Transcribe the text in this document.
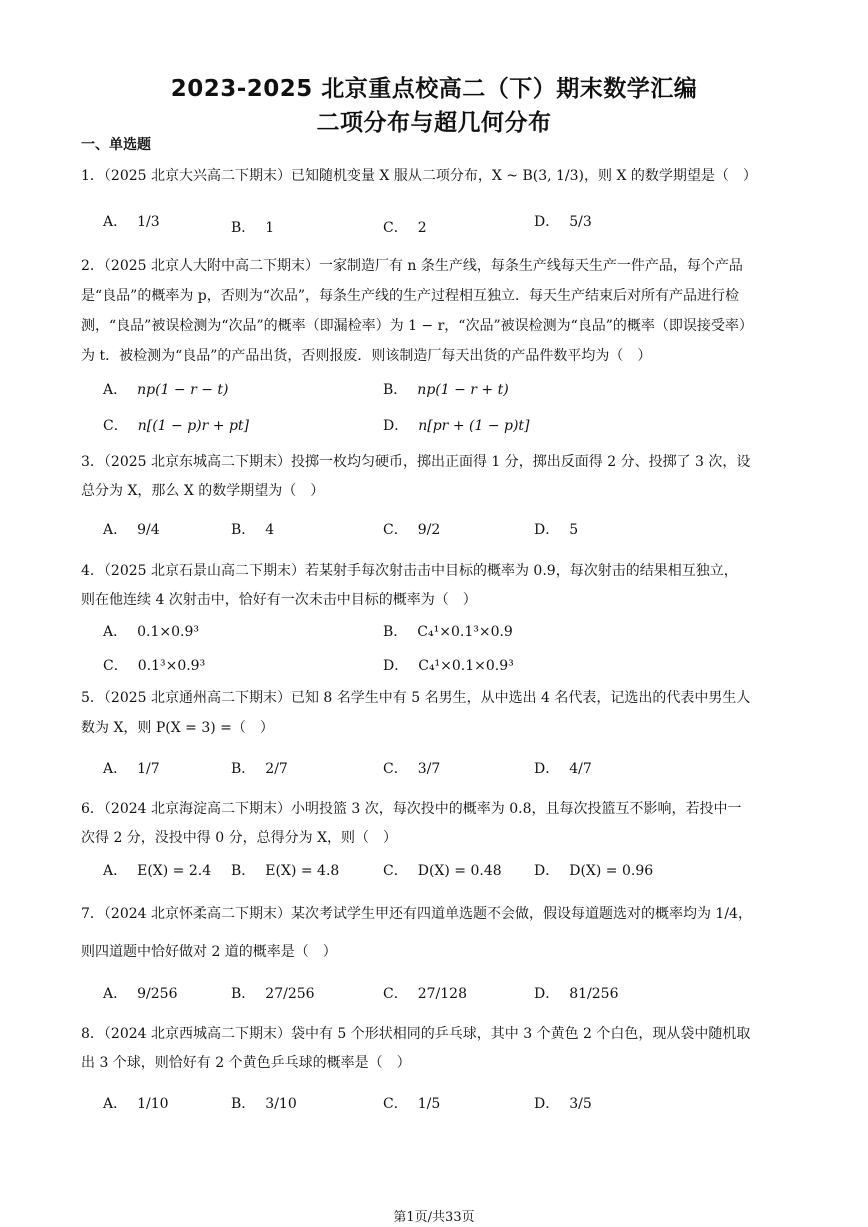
2023-2025 北京重点校高二（下）期末数学汇编
二项分布与超几何分布
一、单选题
1．（2025 北京大兴高二下期末）已知随机变量 X 服从二项分布，X ~ B(3, 1/3)，则 X 的数学期望是（　）
A． 1/3	B． 1	C． 2	D． 5/3
2．（2025 北京人大附中高二下期末）一家制造厂有 n 条生产线，每条生产线每天生产一件产品，每个产品
是“良品”的概率为 p，否则为“次品”，每条生产线的生产过程相互独立．每天生产结束后对所有产品进行检
测，“良品”被误检测为“次品”的概率（即漏检率）为 1 − r，“次品”被误检测为“良品”的概率（即误接受率）
为 t．被检测为“良品”的产品出货，否则报废．则该制造厂每天出货的产品件数平均为（　）
A． np(1 − r − t)	B． np(1 − r + t)
C． n[(1 − p)r + pt]	D． n[pr + (1 − p)t]
3．（2025 北京东城高二下期末）投掷一枚均匀硬币，掷出正面得 1 分，掷出反面得 2 分、投掷了 3 次，设
总分为 X，那么 X 的数学期望为（　）
A． 9/4	B． 4	C． 9/2	D． 5
4．（2025 北京石景山高二下期末）若某射手每次射击击中目标的概率为 0.9，每次射击的结果相互独立，
则在他连续 4 次射击中，恰好有一次未击中目标的概率为（　）
A． 0.1×0.9³	B． C₄¹×0.1³×0.9
C． 0.1³×0.9³	D． C₄¹×0.1×0.9³
5．（2025 北京通州高二下期末）已知 8 名学生中有 5 名男生，从中选出 4 名代表，记选出的代表中男生人
数为 X，则 P(X = 3) =（　）
A． 1/7	B． 2/7	C． 3/7	D． 4/7
6．（2024 北京海淀高二下期末）小明投篮 3 次，每次投中的概率为 0.8，且每次投篮互不影响，若投中一
次得 2 分，没投中得 0 分，总得分为 X，则（　）
A． E(X) = 2.4 B． E(X) = 4.8	C． D(X) = 0.48 D． D(X) = 0.96
7．（2024 北京怀柔高二下期末）某次考试学生甲还有四道单选题不会做，假设每道题选对的概率均为 1/4，
则四道题中恰好做对 2 道的概率是（　）
A． 9/256	B． 27/256	C． 27/128	D． 81/256
8．（2024 北京西城高二下期末）袋中有 5 个形状相同的乒乓球，其中 3 个黄色 2 个白色，现从袋中随机取
出 3 个球，则恰好有 2 个黄色乒乓球的概率是（　）
A． 1/10	B． 3/10	C． 1/5	D． 3/5
第1页/共33页
